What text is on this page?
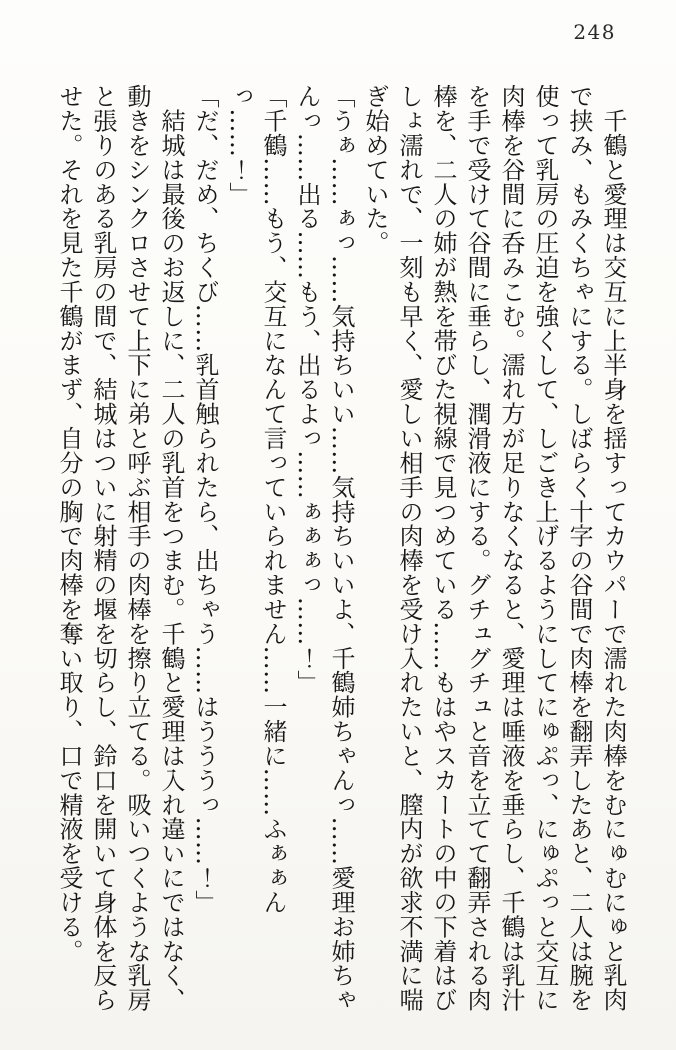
248

　千鶴と愛理は交互に上半身を揺すってカウパーで濡れた肉棒をむにゅむにゅと乳肉で挟み、もみくちゃにする。しばらく十字の谷間で肉棒を翻弄したあと、二人は腕を使って乳房の圧迫を強くして、しごき上げるようにしてにゅぷっ、にゅぷっと交互に肉棒を谷間に呑みこむ。濡れ方が足りなくなると、愛理は唾液を垂らし、千鶴は乳汁を手で受けて谷間に垂らし、潤滑液にする。グチュグチュと音を立てて翻弄される肉棒を、二人の姉が熱を帯びた視線で見つめている……もはやスカートの中の下着はびしょ濡れで、一刻も早く、愛しい相手の肉棒を受け入れたいと、膣内が欲求不満に喘ぎ始めていた。

「うぁ……ぁっ……気持ちいい……気持ちいいよ、千鶴姉ちゃんっ……愛理お姉ちゃんっ……出る……もう、出るよっ……ぁぁぁっ……！」

「千鶴……もう、交互になんて言っていられません……一緒に……ふぁぁんっ……！」

「だ、だめ、ちくび……乳首触られたら、出ちゃう……はうううっ……！」

　結城は最後のお返しに、二人の乳首をつまむ。千鶴と愛理は入れ違いにではなく、動きをシンクロさせて上下に弟と呼ぶ相手の肉棒を擦り立てる。吸いつくような乳房と張りのある乳房の間で、結城はついに射精の堰を切らし、鈴口を開いて身体を反らせた。それを見た千鶴がまず、自分の胸で肉棒を奪い取り、口で精液を受ける。
